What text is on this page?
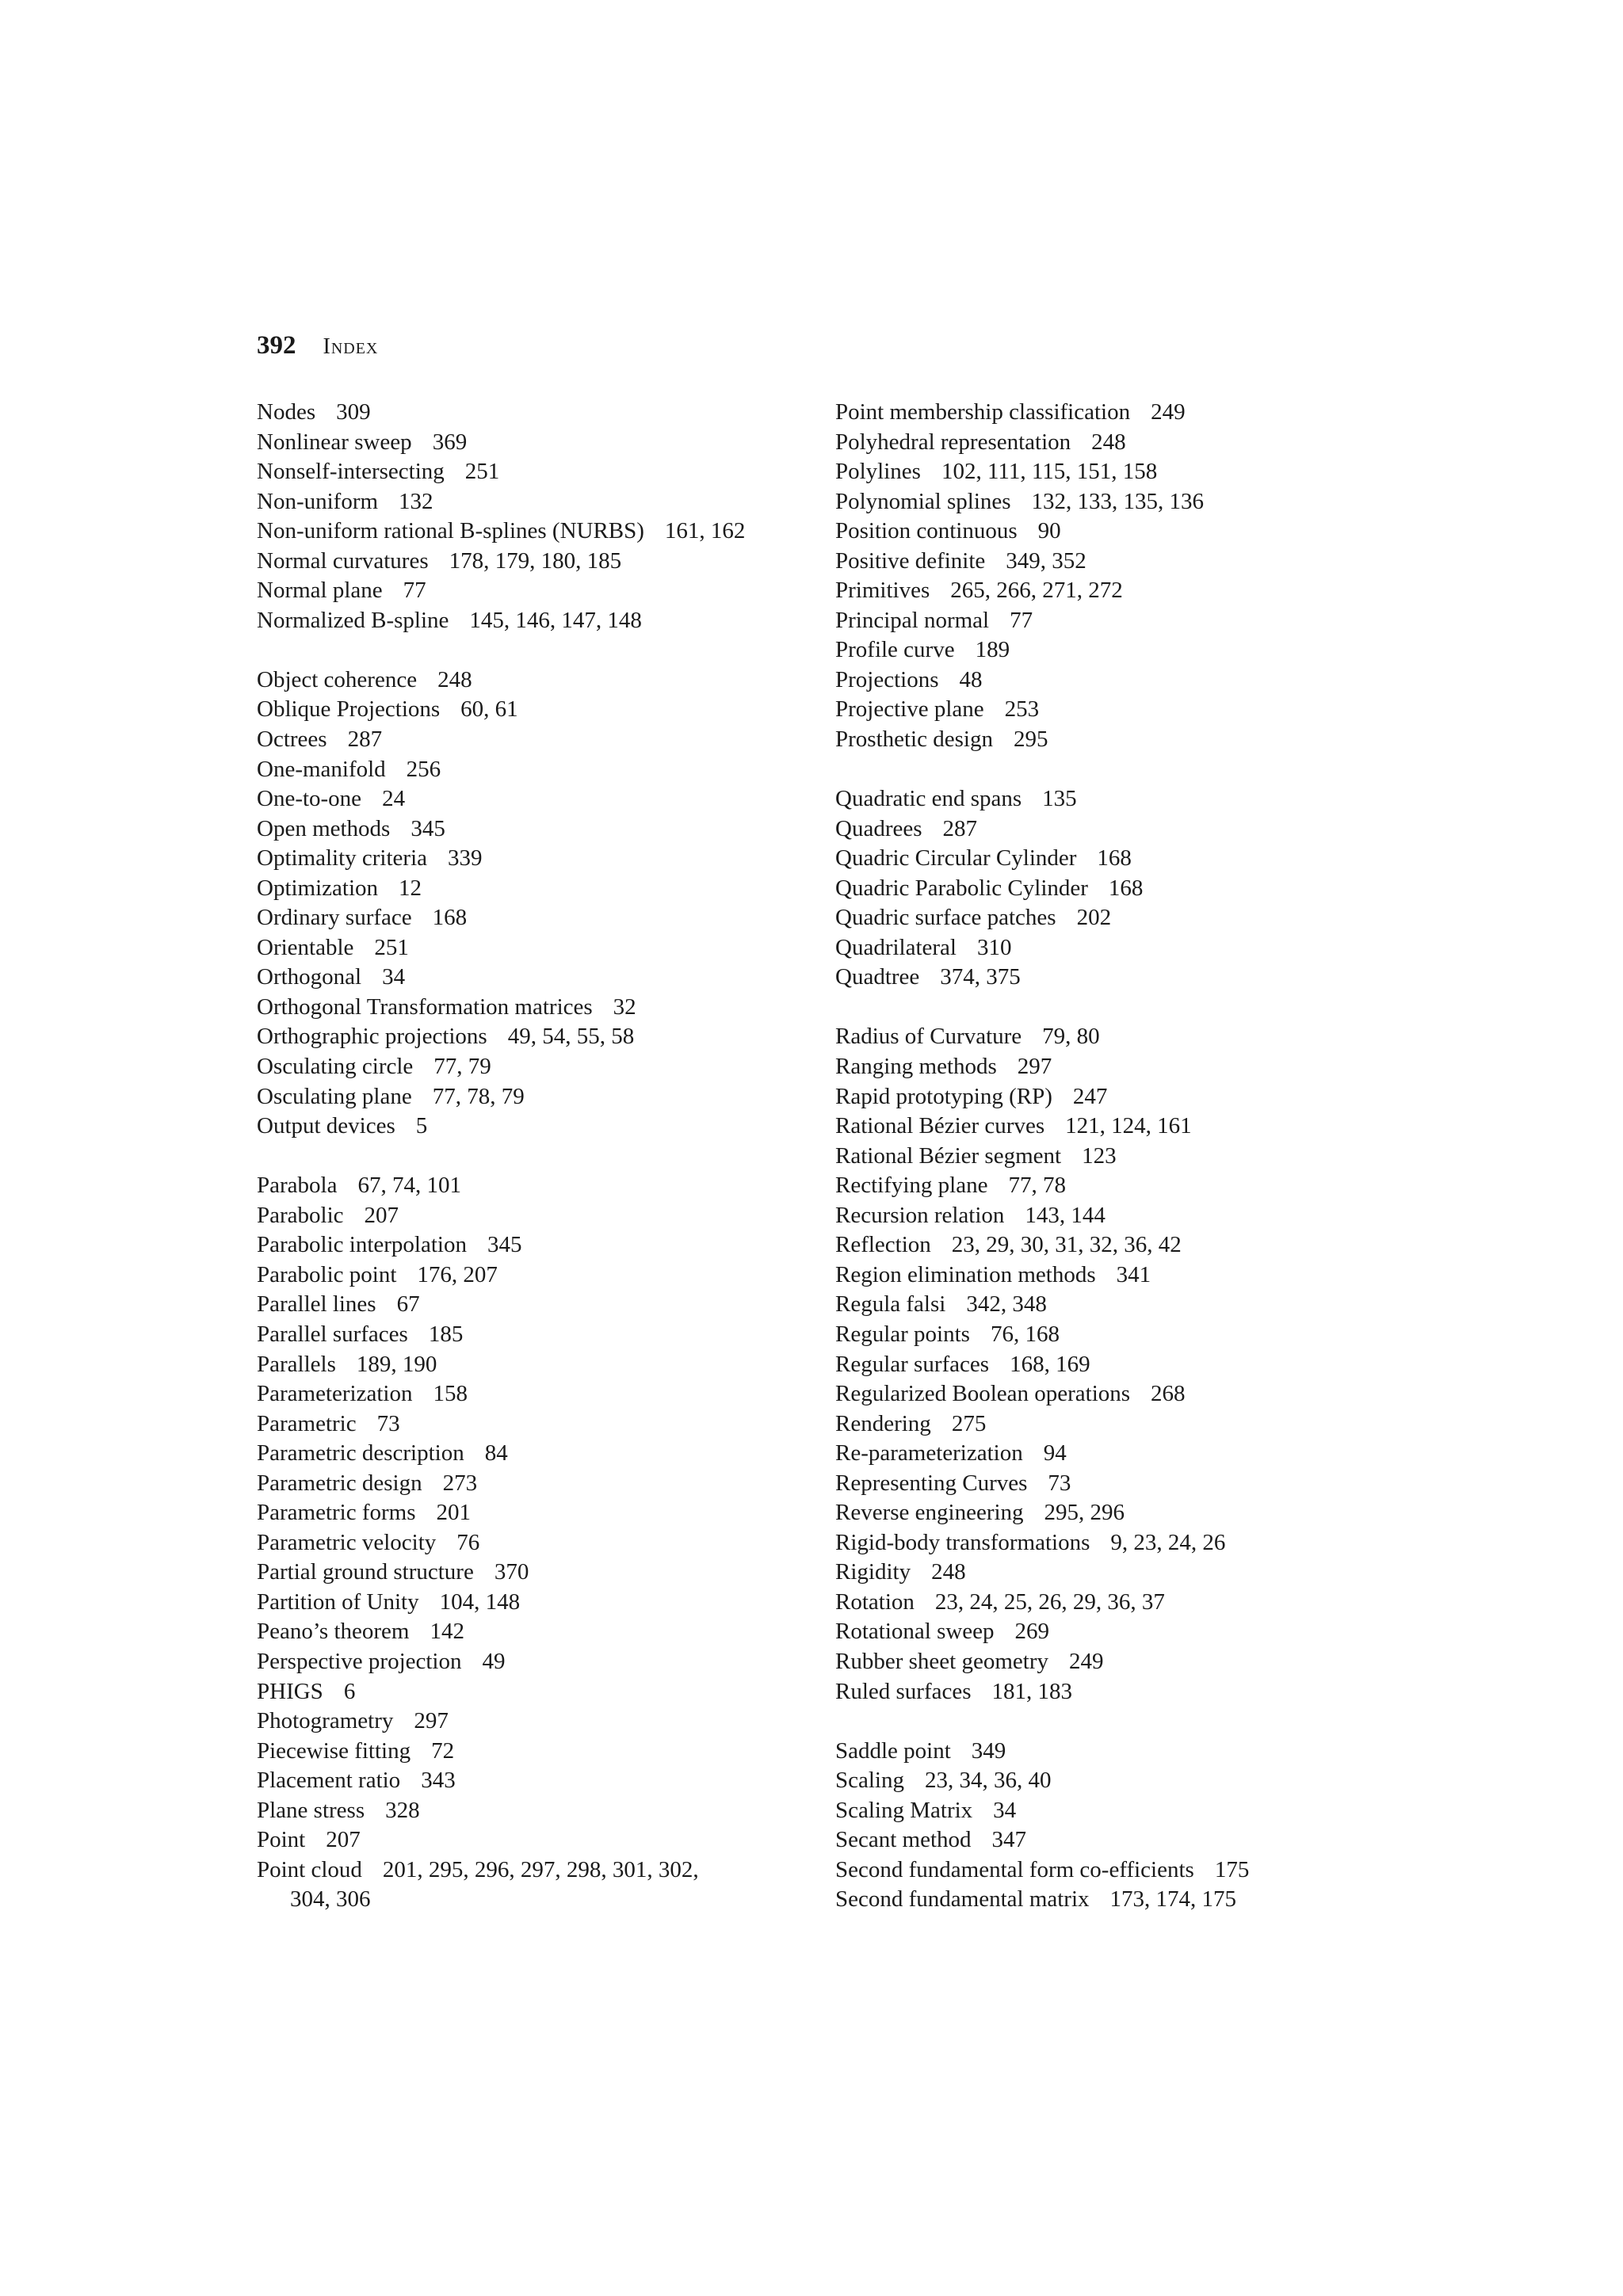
392 Index
Nodes 309
Nonlinear sweep 369
Nonself-intersecting 251
Non-uniform 132
Non-uniform rational B-splines (NURBS) 161, 162
Normal curvatures 178, 179, 180, 185
Normal plane 77
Normalized B-spline 145, 146, 147, 148
Object coherence 248
Oblique Projections 60, 61
Octrees 287
One-manifold 256
One-to-one 24
Open methods 345
Optimality criteria 339
Optimization 12
Ordinary surface 168
Orientable 251
Orthogonal 34
Orthogonal Transformation matrices 32
Orthographic projections 49, 54, 55, 58
Osculating circle 77, 79
Osculating plane 77, 78, 79
Output devices 5
Parabola 67, 74, 101
Parabolic 207
Parabolic interpolation 345
Parabolic point 176, 207
Parallel lines 67
Parallel surfaces 185
Parallels 189, 190
Parameterization 158
Parametric 73
Parametric description 84
Parametric design 273
Parametric forms 201
Parametric velocity 76
Partial ground structure 370
Partition of Unity 104, 148
Peano’s theorem 142
Perspective projection 49
PHIGS 6
Photogrametry 297
Piecewise fitting 72
Placement ratio 343
Plane stress 328
Point 207
Point cloud 201, 295, 296, 297, 298, 301, 302,
304, 306
Point membership classification 249
Polyhedral representation 248
Polylines 102, 111, 115, 151, 158
Polynomial splines 132, 133, 135, 136
Position continuous 90
Positive definite 349, 352
Primitives 265, 266, 271, 272
Principal normal 77
Profile curve 189
Projections 48
Projective plane 253
Prosthetic design 295
Quadratic end spans 135
Quadrees 287
Quadric Circular Cylinder 168
Quadric Parabolic Cylinder 168
Quadric surface patches 202
Quadrilateral 310
Quadtree 374, 375
Radius of Curvature 79, 80
Ranging methods 297
Rapid prototyping (RP) 247
Rational Bézier curves 121, 124, 161
Rational Bézier segment 123
Rectifying plane 77, 78
Recursion relation 143, 144
Reflection 23, 29, 30, 31, 32, 36, 42
Region elimination methods 341
Regula falsi 342, 348
Regular points 76, 168
Regular surfaces 168, 169
Regularized Boolean operations 268
Rendering 275
Re-parameterization 94
Representing Curves 73
Reverse engineering 295, 296
Rigid-body transformations 9, 23, 24, 26
Rigidity 248
Rotation 23, 24, 25, 26, 29, 36, 37
Rotational sweep 269
Rubber sheet geometry 249
Ruled surfaces 181, 183
Saddle point 349
Scaling 23, 34, 36, 40
Scaling Matrix 34
Secant method 347
Second fundamental form co-efficients 175
Second fundamental matrix 173, 174, 175
